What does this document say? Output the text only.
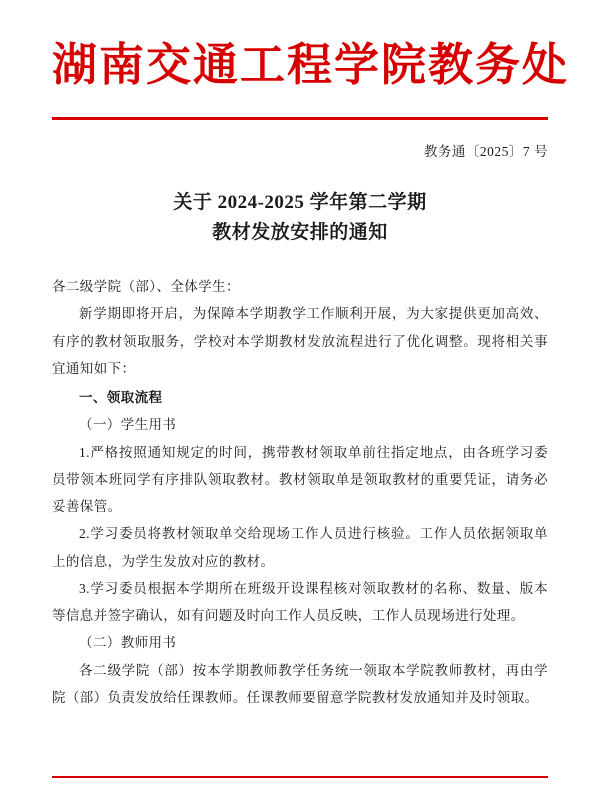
湖南交通工程学院教务处
教务通〔2025〕7 号
关于 2024-2025 学年第二学期
教材发放安排的通知

各二级学院（部）、全体学生：

新学期即将开启，为保障本学期教学工作顺利开展，为大家提供更加高效、有序的教材领取服务，学校对本学期教材发放流程进行了优化调整。现将相关事宜通知如下：

一、领取流程

（一）学生用书

1.严格按照通知规定的时间，携带教材领取单前往指定地点，由各班学习委员带领本班同学有序排队领取教材。教材领取单是领取教材的重要凭证，请务必妥善保管。

2.学习委员将教材领取单交给现场工作人员进行核验。工作人员依据领取单上的信息，为学生发放对应的教材。

3.学习委员根据本学期所在班级开设课程核对领取教材的名称、数量、版本等信息并签字确认，如有问题及时向工作人员反映，工作人员现场进行处理。

（二）教师用书

各二级学院（部）按本学期教师教学任务统一领取本学院教师教材，再由学院（部）负责发放给任课教师。任课教师要留意学院教材发放通知并及时领取。
